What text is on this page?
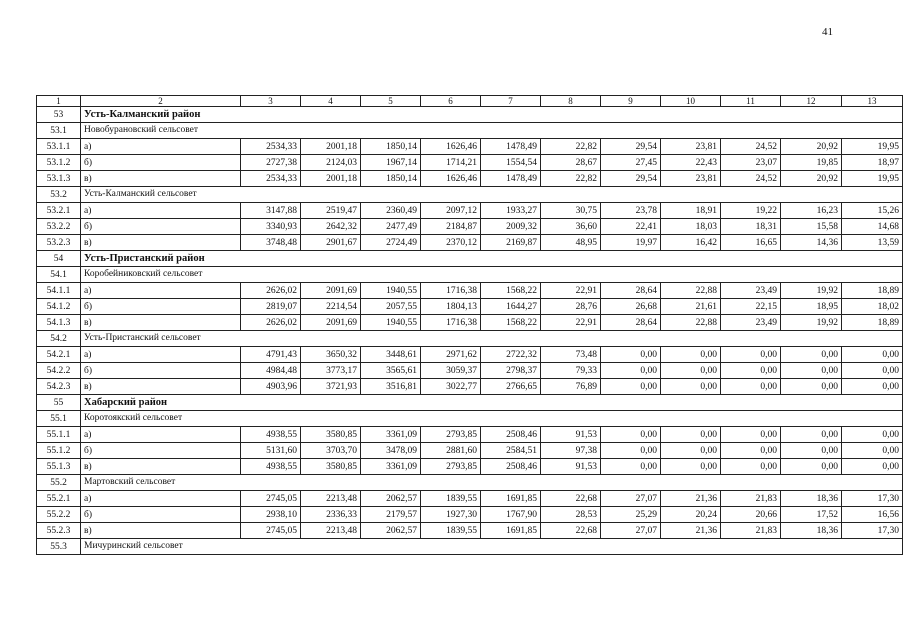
41
1	2	3	4	5	6	7	8	9	10	11	12	13
53	Усть-Калманский район											
53.1	Новобурановский сельсовет											
53.1.1	а)	2534,33	2001,18	1850,14	1626,46	1478,49	22,82	29,54	23,81	24,52	20,92	19,95
53.1.2	б)	2727,38	2124,03	1967,14	1714,21	1554,54	28,67	27,45	22,43	23,07	19,85	18,97
53.1.3	в)	2534,33	2001,18	1850,14	1626,46	1478,49	22,82	29,54	23,81	24,52	20,92	19,95
53.2	Усть-Калманский сельсовет											
53.2.1	а)	3147,88	2519,47	2360,49	2097,12	1933,27	30,75	23,78	18,91	19,22	16,23	15,26
53.2.2	б)	3340,93	2642,32	2477,49	2184,87	2009,32	36,60	22,41	18,03	18,31	15,58	14,68
53.2.3	в)	3748,48	2901,67	2724,49	2370,12	2169,87	48,95	19,97	16,42	16,65	14,36	13,59
54	Усть-Пристанский район											
54.1	Коробейниковский сельсовет											
54.1.1	а)	2626,02	2091,69	1940,55	1716,38	1568,22	22,91	28,64	22,88	23,49	19,92	18,89
54.1.2	б)	2819,07	2214,54	2057,55	1804,13	1644,27	28,76	26,68	21,61	22,15	18,95	18,02
54.1.3	в)	2626,02	2091,69	1940,55	1716,38	1568,22	22,91	28,64	22,88	23,49	19,92	18,89
54.2	Усть-Пристанский сельсовет											
54.2.1	а)	4791,43	3650,32	3448,61	2971,62	2722,32	73,48	0,00	0,00	0,00	0,00	0,00
54.2.2	б)	4984,48	3773,17	3565,61	3059,37	2798,37	79,33	0,00	0,00	0,00	0,00	0,00
54.2.3	в)	4903,96	3721,93	3516,81	3022,77	2766,65	76,89	0,00	0,00	0,00	0,00	0,00
55	Хабарский район											
55.1	Коротоякский сельсовет											
55.1.1	а)	4938,55	3580,85	3361,09	2793,85	2508,46	91,53	0,00	0,00	0,00	0,00	0,00
55.1.2	б)	5131,60	3703,70	3478,09	2881,60	2584,51	97,38	0,00	0,00	0,00	0,00	0,00
55.1.3	в)	4938,55	3580,85	3361,09	2793,85	2508,46	91,53	0,00	0,00	0,00	0,00	0,00
55.2	Мартовский сельсовет											
55.2.1	а)	2745,05	2213,48	2062,57	1839,55	1691,85	22,68	27,07	21,36	21,83	18,36	17,30
55.2.2	б)	2938,10	2336,33	2179,57	1927,30	1767,90	28,53	25,29	20,24	20,66	17,52	16,56
55.2.3	в)	2745,05	2213,48	2062,57	1839,55	1691,85	22,68	27,07	21,36	21,83	18,36	17,30
55.3	Мичуринский сельсовет											
